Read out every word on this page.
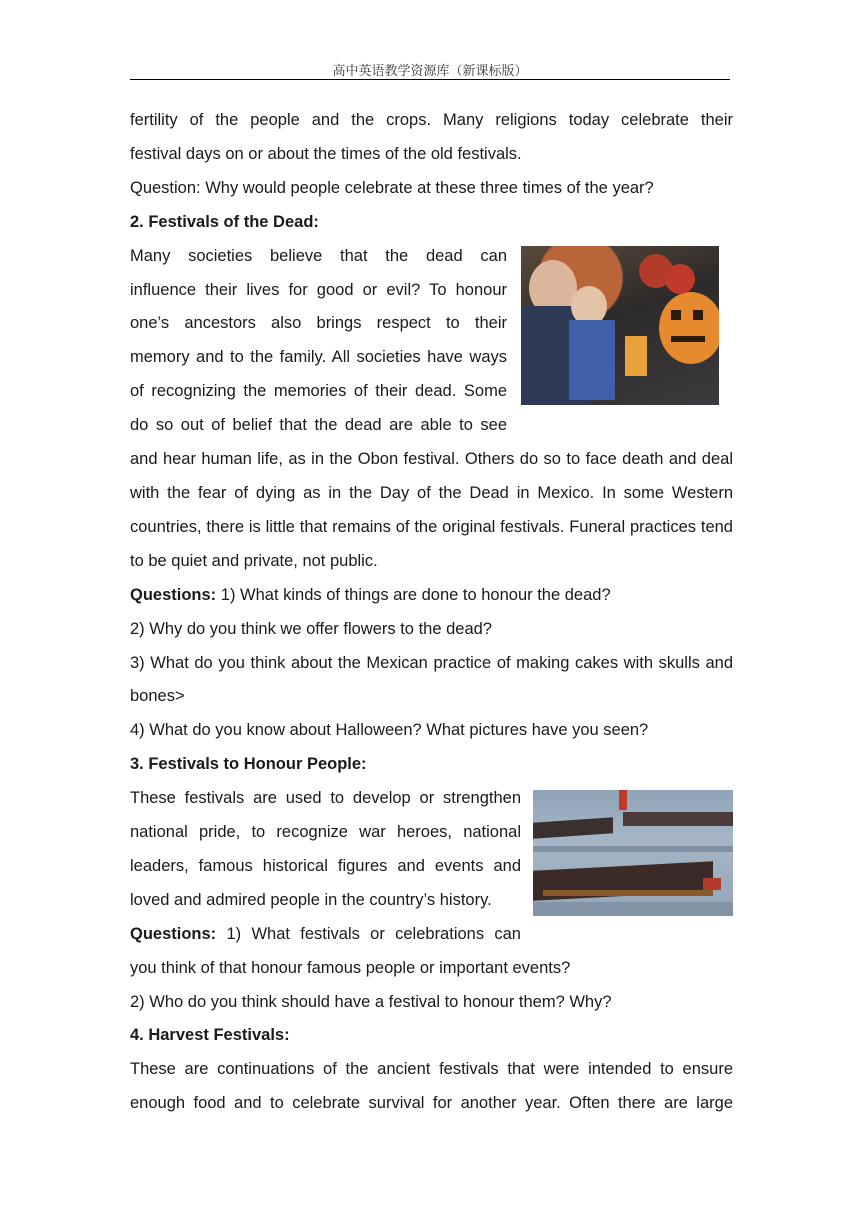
高中英语教学资源库（新课标版）

fertility of the people and the crops. Many religions today celebrate their

festival days on or about the times of the old festivals.

Question: Why would people celebrate at these three times of the year?

2. Festivals of the Dead:

Many societies believe that the dead can

influence their lives for good or evil? To honour

one’s ancestors also brings respect to their

memory and to the family. All societies have ways

of recognizing the memories of their dead. Some

do so out of belief that the dead are able to see and hear human life, as in the Obon festival. Others do so to face death and deal with the fear of dying as in the Day of the Dead in Mexico. In some Western countries, there is little that remains of the original festivals. Funeral practices tend to be quiet and private, not public.

Questions: 1) What kinds of things are done to honour the dead?

2) Why do you think we offer flowers to the dead?

3) What do you think about the Mexican practice of making cakes with skulls and bones>

4) What do you know about Halloween? What pictures have you seen?

3. Festivals to Honour People:

These festivals are used to develop or strengthen

national pride, to recognize war heroes, national

leaders, famous historical figures and events and

loved and admired people in the country’s history.

Questions: 1) What festivals or celebrations can

you think of that honour famous people or important events?

2) Who do you think should have a festival to honour them? Why?

4. Harvest Festivals:

These are continuations of the ancient festivals that were intended to ensure enough food and to celebrate survival for another year. Often there are large
